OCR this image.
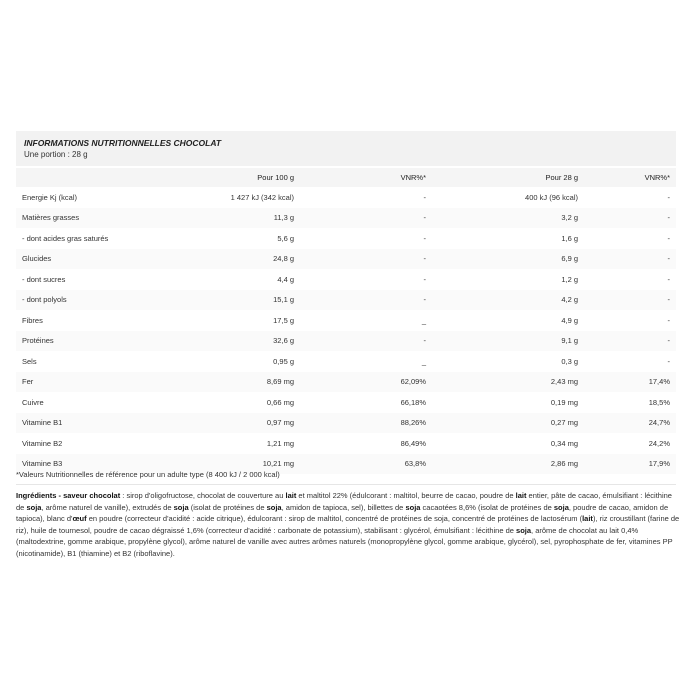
INFORMATIONS NUTRITIONNELLES CHOCOLAT
Une portion : 28 g
	Pour 100 g	VNR%*	Pour 28 g	VNR%*
Energie Kj (kcal)	1 427 kJ (342 kcal)	-	400 kJ (96 kcal)	-
Matières grasses	11,3 g	-	3,2 g	-
- dont acides gras saturés	5,6 g	-	1,6 g	-
Glucides	24,8 g	-	6,9 g	-
- dont sucres	4,4 g	-	1,2 g	-
- dont polyols	15,1 g	-	4,2 g	-
Fibres	17,5 g	_	4,9 g	-
Protéines	32,6 g	-	9,1 g	-
Sels	0,95 g	_	0,3 g	-
Fer	8,69 mg	62,09%	2,43 mg	17,4%
Cuivre	0,66 mg	66,18%	0,19 mg	18,5%
Vitamine B1	0,97 mg	88,26%	0,27 mg	24,7%
Vitamine B2	1,21 mg	86,49%	0,34 mg	24,2%
Vitamine B3	10,21 mg	63,8%	2,86 mg	17,9%
*Valeurs Nutritionnelles de référence pour un adulte type (8 400 kJ / 2 000 kcal)
Ingrédients - saveur chocolat : sirop d'oligofructose, chocolat de couverture au lait et maltitol 22% (édulcorant : maltitol, beurre de cacao, poudre de lait entier, pâte de cacao, émulsifiant : lécithine de soja, arôme naturel de vanille), extrudés de soja (isolat de protéines de soja, amidon de tapioca, sel), billettes de soja cacaotées 8,6% (isolat de protéines de soja, poudre de cacao, amidon de tapioca), blanc d'œuf en poudre (correcteur d'acidité : acide citrique), édulcorant : sirop de maltitol, concentré de protéines de soja, concentré de protéines de lactosérum (lait), riz croustillant (farine de riz), huile de tournesol, poudre de cacao dégraissé 1,6% (correcteur d'acidité : carbonate de potassium), stabilisant : glycérol, émulsifiant : lécithine de soja, arôme de chocolat au lait 0,4% (maltodextrine, gomme arabique, propylène glycol), arôme naturel de vanille avec autres arômes naturels (monopropylène glycol, gomme arabique, glycérol), sel, pyrophosphate de fer, vitamines PP (nicotinamide), B1 (thiamine) et B2 (riboflavine).
